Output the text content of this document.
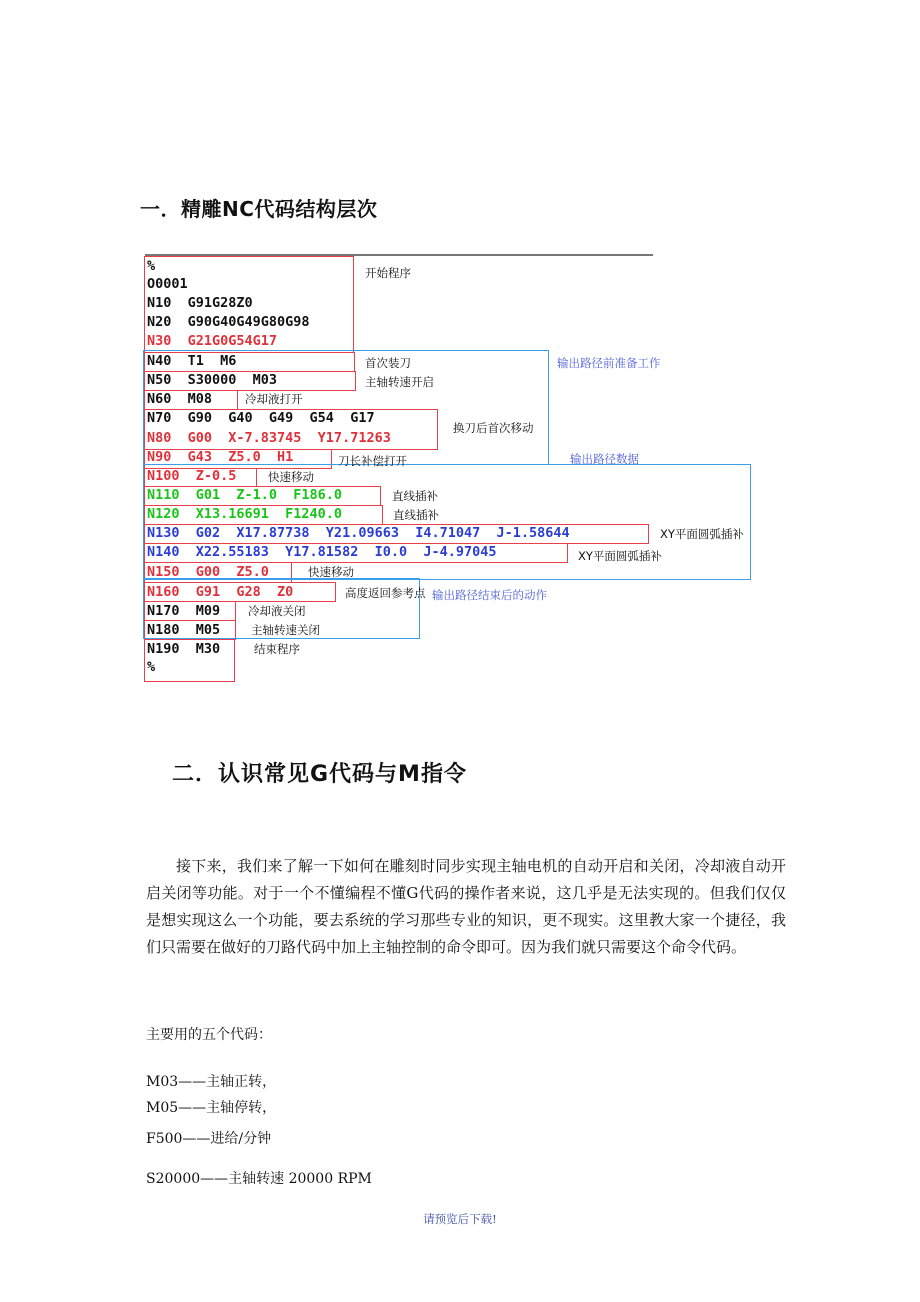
一．精雕NC代码结构层次
%
O0001
N10  G91G28Z0
N20  G90G40G49G80G98
N30  G21G0G54G17
N40  T1  M6
N50  S30000  M03
N60  M08
N70  G90  G40  G49  G54  G17
N80  G00  X-7.83745  Y17.71263
N90  G43  Z5.0  H1
N100  Z-0.5
N110  G01  Z-1.0  F186.0
N120  X13.16691  F1240.0
N130  G02  X17.87738  Y21.09663  I4.71047  J-1.58644
N140  X22.55183  Y17.81582  I0.0  J-4.97045
N150  G00  Z5.0
N160  G91  G28  Z0
N170  M09
N180  M05
N190  M30
%
开始程序
首次装刀
主轴转速开启
冷却液打开
换刀后首次移动
刀长补偿打开
快速移动
直线插补
直线插补
XY平面圆弧插补
XY平面圆弧插补
快速移动
高度返回参考点
冷却液关闭
主轴转速关闭
结束程序
输出路径前准备工作
输出路径数据
输出路径结束后的动作
二．认识常见G代码与M指令

接下来，我们来了解一下如何在雕刻时同步实现主轴电机的自动开启和关闭，冷却液自动开启关闭等功能。对于一个不懂编程不懂G代码的操作者来说，这几乎是无法实现的。但我们仅仅是想实现这么一个功能，要去系统的学习那些专业的知识，更不现实。这里教大家一个捷径，我们只需要在做好的刀路代码中加上主轴控制的命令即可。因为我们就只需要这个命令代码。

主要用的五个代码：
M03——主轴正转，
M05——主轴停转，
F500——进给/分钟
S20000——主轴转速 20000 RPM
请预览后下载!
